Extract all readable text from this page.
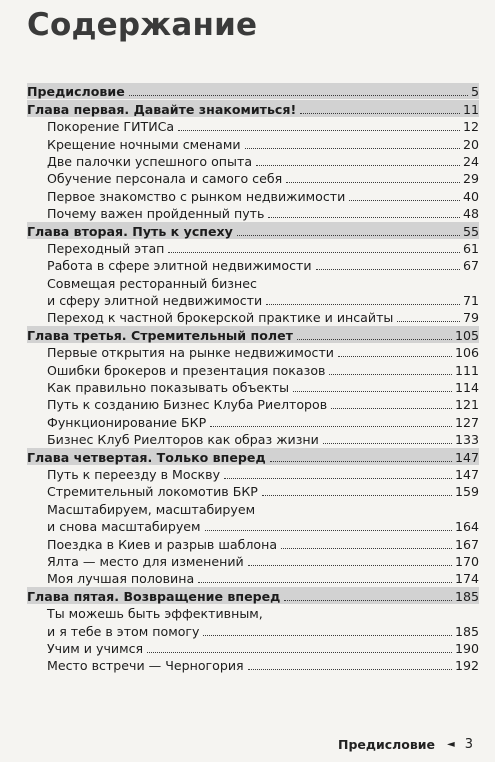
Содержание
Предисловие	5
Глава первая. Давайте знакомиться!	11
Покорение ГИТИСа	12
Крещение ночными сменами	20
Две палочки успешного опыта	24
Обучение персонала и самого себя	29
Первое знакомство с рынком недвижимости	40
Почему важен пройденный путь	48
Глава вторая. Путь к успеху	55
Переходный этап	61
Работа в сфере элитной недвижимости	67
Совмещая ресторанный бизнес
и сферу элитной недвижимости	71
Переход к частной брокерской практике и инсайты	79
Глава третья. Стремительный полет	105
Первые открытия на рынке недвижимости	106
Ошибки брокеров и презентация показов	111
Как правильно показывать объекты	114
Путь к созданию Бизнес Клуба Риелторов	121
Функционирование БКР	127
Бизнес Клуб Риелторов как образ жизни	133
Глава четвертая. Только вперед	147
Путь к переезду в Москву	147
Стремительный локомотив БКР	159
Масштабируем, масштабируем
и снова масштабируем	164
Поездка в Киев и разрыв шаблона	167
Ялта — место для изменений	170
Моя лучшая половина	174
Глава пятая. Возвращение вперед	185
Ты можешь быть эффективным,
и я тебе в этом помогу	185
Учим и учимся	190
Место встречи — Черногория	192
Предисловие ◄ 3
